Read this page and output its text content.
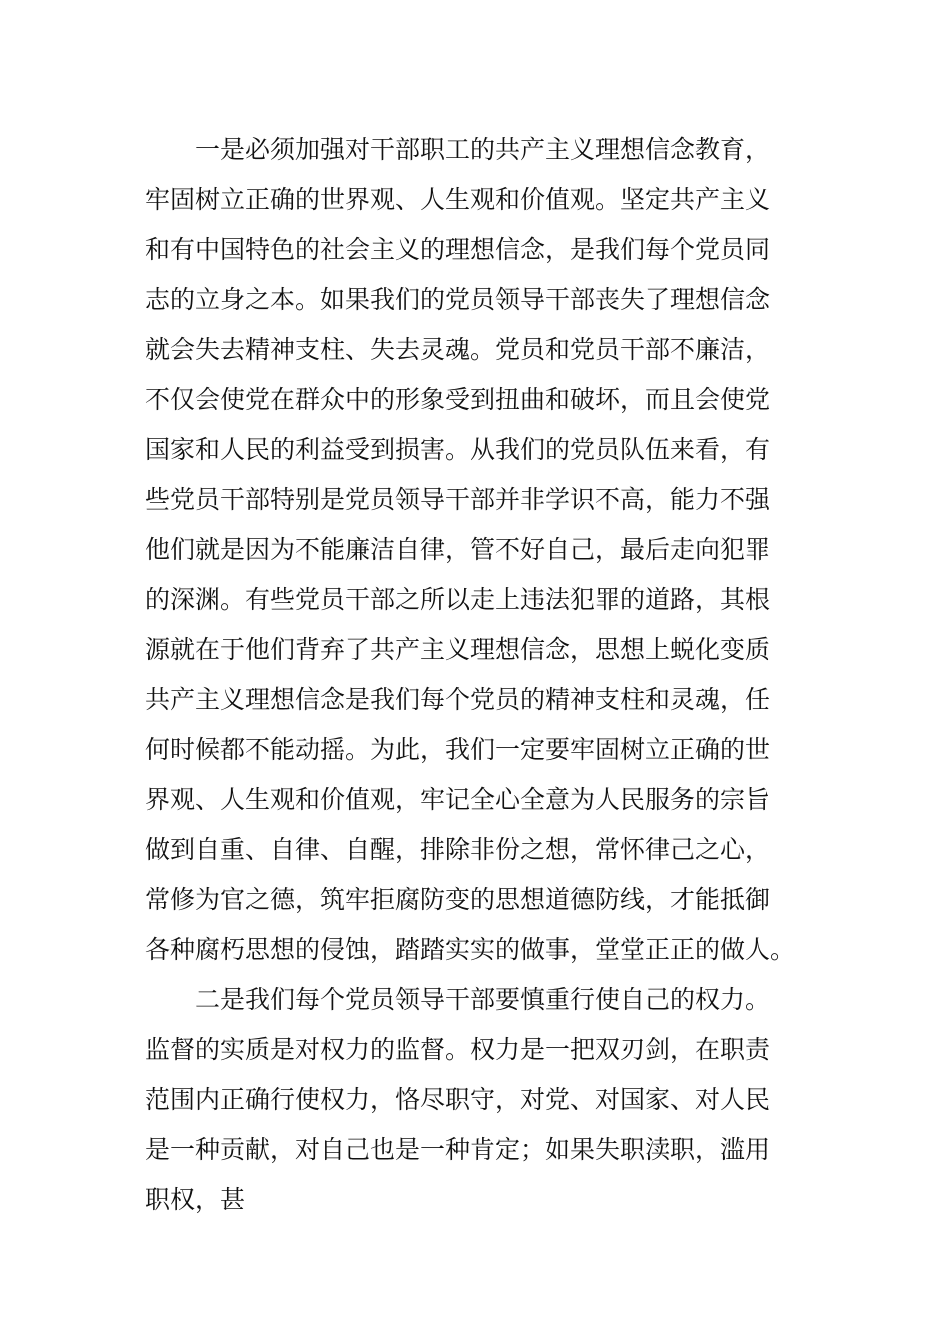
一是必须加强对干部职工的共产主义理想信念教育，
牢固树立正确的世界观、人生观和价值观。坚定共产主义
和有中国特色的社会主义的理想信念，是我们每个党员同
志的立身之本。如果我们的党员领导干部丧失了理想信念
就会失去精神支柱、失去灵魂。党员和党员干部不廉洁，
不仅会使党在群众中的形象受到扭曲和破坏，而且会使党
国家和人民的利益受到损害。从我们的党员队伍来看，有
些党员干部特别是党员领导干部并非学识不高，能力不强
他们就是因为不能廉洁自律，管不好自己，最后走向犯罪
的深渊。有些党员干部之所以走上违法犯罪的道路，其根
源就在于他们背弃了共产主义理想信念，思想上蜕化变质
共产主义理想信念是我们每个党员的精神支柱和灵魂，任
何时候都不能动摇。为此，我们一定要牢固树立正确的世
界观、人生观和价值观，牢记全心全意为人民服务的宗旨
做到自重、自律、自醒，排除非份之想，常怀律己之心，
常修为官之德，筑牢拒腐防变的思想道德防线，才能抵御
各种腐朽思想的侵蚀，踏踏实实的做事，堂堂正正的做人。
二是我们每个党员领导干部要慎重行使自己的权力。
监督的实质是对权力的监督。权力是一把双刃剑，在职责
范围内正确行使权力，恪尽职守，对党、对国家、对人民
是一种贡献，对自己也是一种肯定；如果失职渎职，滥用
职权，甚
